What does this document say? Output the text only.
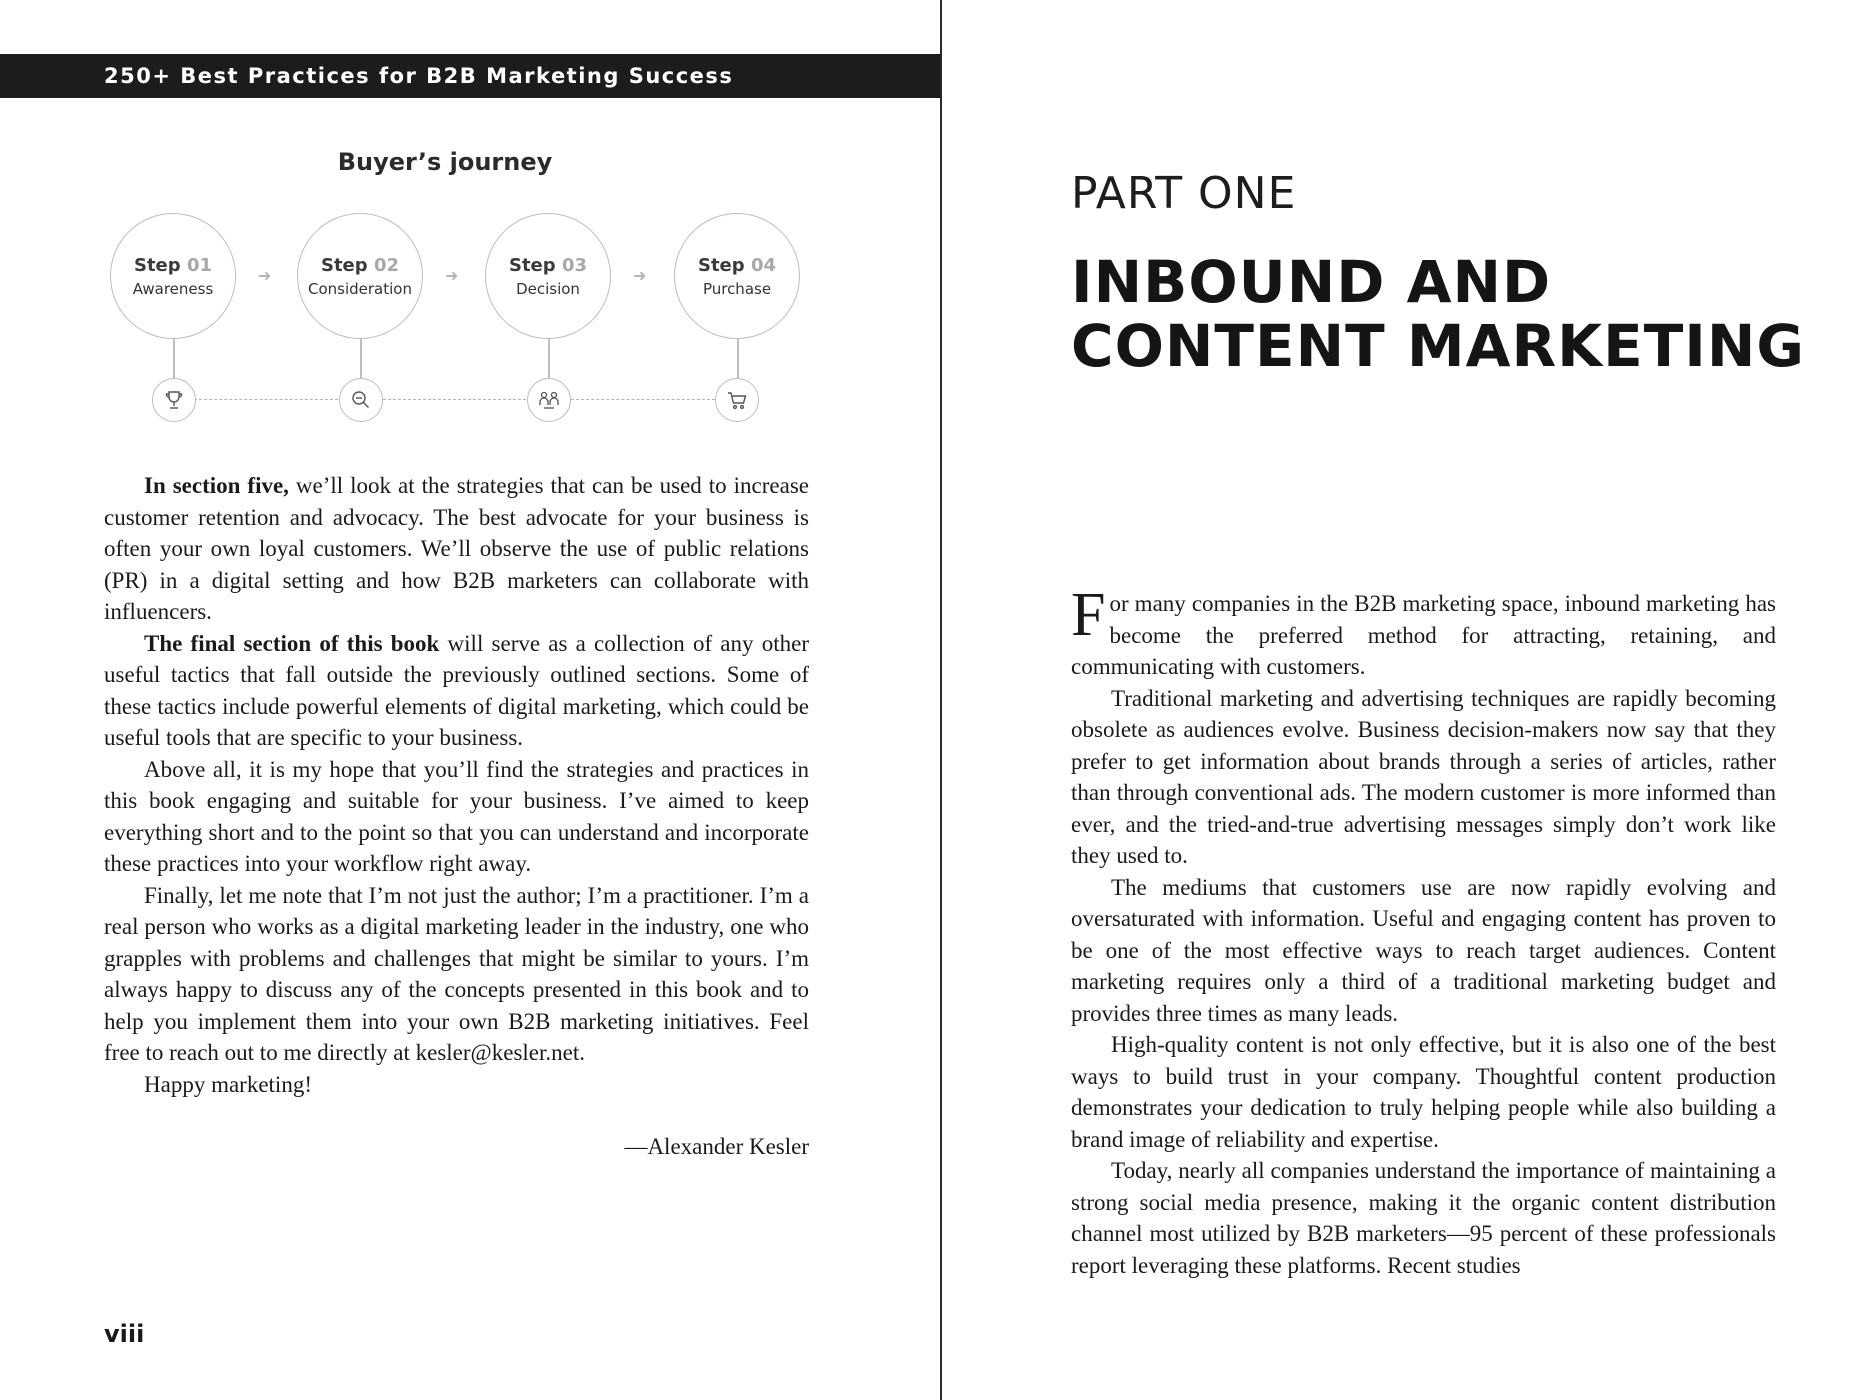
250+ Best Practices for B2B Marketing Success
Buyer’s journey
Step 01
Awareness
➜	Step 02
Consideration
➜	Step 03
Decision
➜	Step 04
Purchase

In section five, we’ll look at the strategies that can be used to increase customer retention and advocacy. The best advocate for your business is often your own loyal customers. We’ll observe the use of public relations (PR) in a digital setting and how B2B marketers can collaborate with influencers.

The final section of this book will serve as a collection of any other useful tactics that fall outside the previously outlined sections. Some of these tactics include powerful elements of digital marketing, which could be useful tools that are specific to your business.

Above all, it is my hope that you’ll find the strategies and practices in this book engaging and suitable for your business. I’ve aimed to keep everything short and to the point so that you can understand and incorporate these practices into your workflow right away.

Finally, let me note that I’m not just the author; I’m a practitioner. I’m a real person who works as a digital marketing leader in the industry, one who grapples with problems and challenges that might be similar to yours. I’m always happy to discuss any of the concepts presented in this book and to help you implement them into your own B2B marketing initiatives. Feel free to reach out to me directly at kesler@kesler.net.

Happy marketing!

—Alexander Kesler

viii
PART ONE
INBOUND AND
CONTENT MARKETING

For many companies in the B2B marketing space, inbound marketing has become the preferred method for attracting, retaining, and communicating with customers.

Traditional marketing and advertising techniques are rapidly becoming obsolete as audiences evolve. Business decision-makers now say that they prefer to get information about brands through a series of articles, rather than through conventional ads. The modern customer is more informed than ever, and the tried-and-true advertising messages simply don’t work like they used to.

The mediums that customers use are now rapidly evolving and oversaturated with information. Useful and engaging content has proven to be one of the most effective ways to reach target audiences. Content marketing requires only a third of a traditional marketing budget and provides three times as many leads.

High-quality content is not only effective, but it is also one of the best ways to build trust in your company. Thoughtful content production demonstrates your dedication to truly helping people while also building a brand image of reliability and expertise.

Today, nearly all companies understand the importance of maintaining a strong social media presence, making it the organic content distribution channel most utilized by B2B marketers—95 percent of these professionals report leveraging these platforms. Recent studies
